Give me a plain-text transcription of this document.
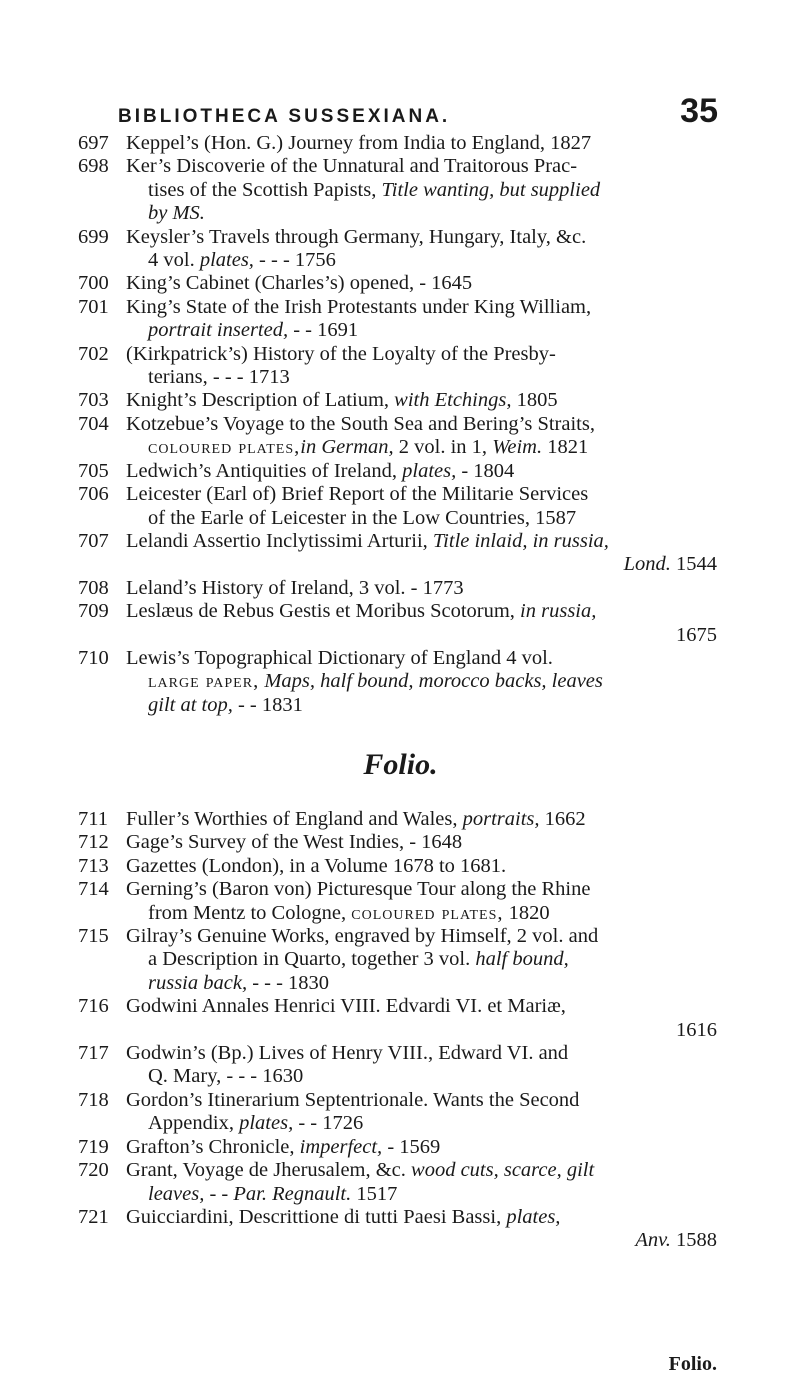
BIBLIOTHECA SUSSEXIANA.	35
697 Keppel’s (Hon. G.) Journey from India to England, 1827
698 Ker’s Discoverie of the Unnatural and Traitorous Prac-
tises of the Scottish Papists, Title wanting, but supplied
by MS.
699 Keysler’s Travels through Germany, Hungary, Italy, &c.
4 vol. plates, - - - 1756
700 King’s Cabinet (Charles’s) opened, - 1645
701 King’s State of the Irish Protestants under King William,
portrait inserted, - - 1691
702 (Kirkpatrick’s) History of the Loyalty of the Presby-
terians, - - - 1713
703 Knight’s Description of Latium, with Etchings, 1805
704 Kotzebue’s Voyage to the South Sea and Bering’s Straits,
coloured plates,in German, 2 vol. in 1, Weim. 1821
705 Ledwich’s Antiquities of Ireland, plates, - 1804
706 Leicester (Earl of) Brief Report of the Militarie Services
of the Earle of Leicester in the Low Countries, 1587
707 Lelandi Assertio Inclytissimi Arturii, Title inlaid, in russia,
Lond. 1544
708 Leland’s History of Ireland, 3 vol. - 1773
709 Leslæus de Rebus Gestis et Moribus Scotorum, in russia,
1675
710 Lewis’s Topographical Dictionary of England 4 vol.
large paper, Maps, half bound, morocco backs, leaves
gilt at top, - - 1831
Folio.
711 Fuller’s Worthies of England and Wales, portraits, 1662
712 Gage’s Survey of the West Indies, - 1648
713 Gazettes (London), in a Volume 1678 to 1681.
714 Gerning’s (Baron von) Picturesque Tour along the Rhine
from Mentz to Cologne, coloured plates, 1820
715 Gilray’s Genuine Works, engraved by Himself, 2 vol. and
a Description in Quarto, together 3 vol. half bound,
russia back, - - - 1830
716 Godwini Annales Henrici VIII. Edvardi VI. et Mariæ,
1616
717 Godwin’s (Bp.) Lives of Henry VIII., Edward VI. and
Q. Mary, - - - 1630
718 Gordon’s Itinerarium Septentrionale. Wants the Second
Appendix, plates, - - 1726
719 Grafton’s Chronicle, imperfect, - 1569
720 Grant, Voyage de Jherusalem, &c. wood cuts, scarce, gilt
leaves, - - Par. Regnault. 1517
721 Guicciardini, Descrittione di tutti Paesi Bassi, plates,
Anv. 1588
Folio.
